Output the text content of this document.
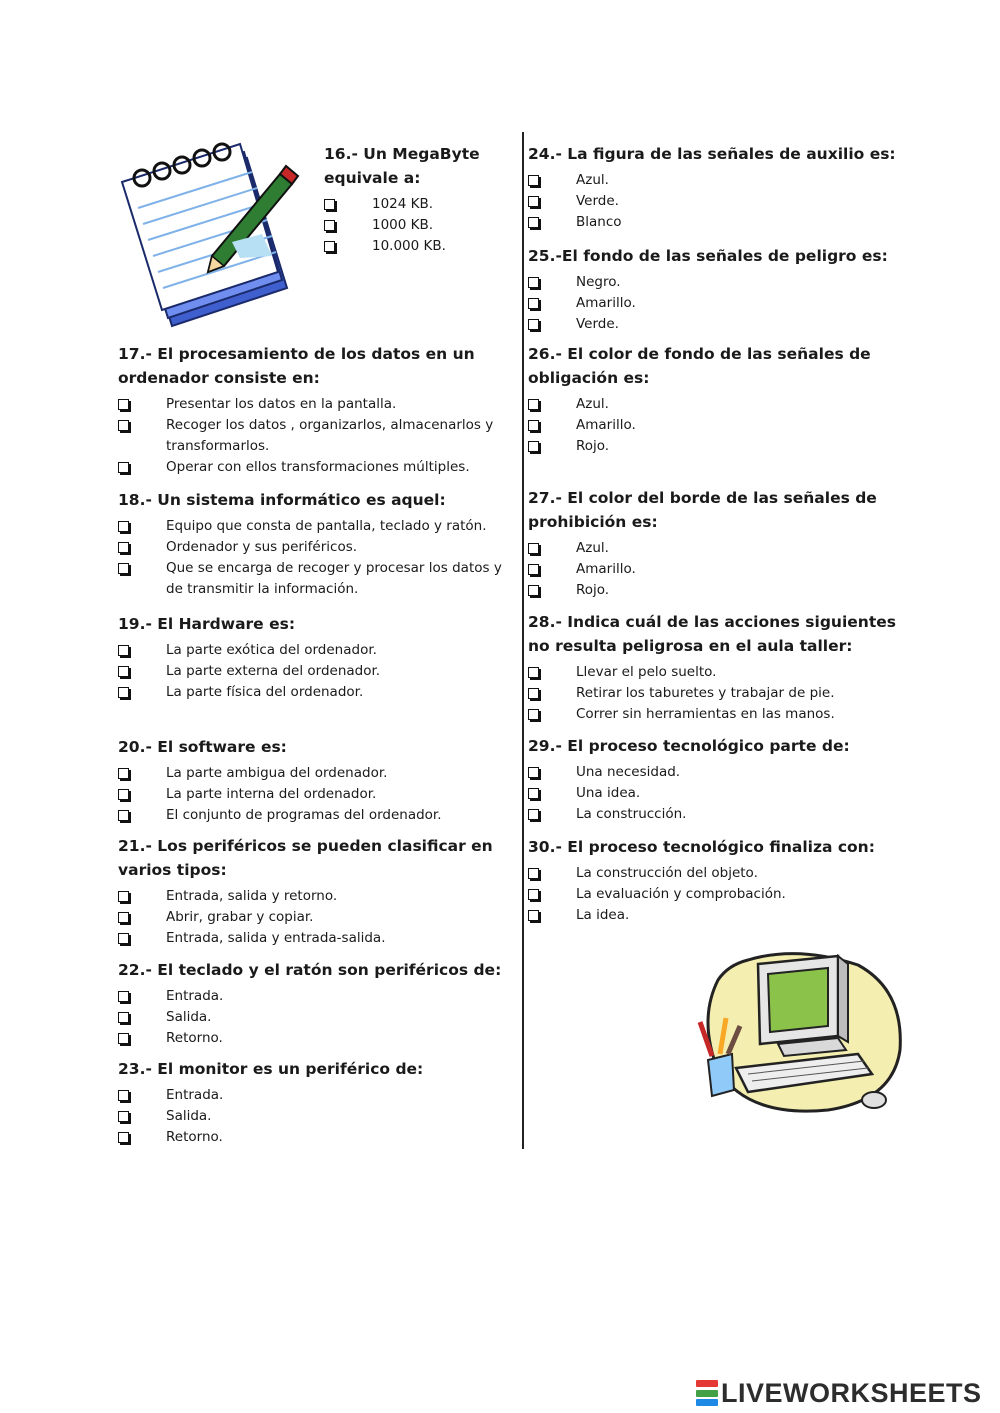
16.- Un MegaByte equivale a:
1024 KB.
1000 KB.
10.000 KB.
17.- El procesamiento de los datos en un ordenador consiste en:
Presentar los datos en la pantalla.
Recoger los datos , organizarlos, almacenarlos y transformarlos.
Operar con ellos transformaciones múltiples.
18.- Un sistema informático es aquel:
Equipo que consta de pantalla, teclado y ratón.
Ordenador y sus periféricos.
Que se encarga de recoger y procesar los datos y de transmitir la información.
19.- El Hardware es:
La parte exótica del ordenador.
La parte externa del ordenador.
La parte física del ordenador.
20.- El software es:
La parte ambigua del ordenador.
La parte interna del ordenador.
El conjunto de programas del ordenador.
21.- Los periféricos se pueden clasificar en varios tipos:
Entrada, salida y retorno.
Abrir, grabar y copiar.
Entrada, salida y entrada-salida.
22.- El teclado y el ratón son periféricos de:
Entrada.
Salida.
Retorno.
23.- El monitor es un periférico de:
Entrada.
Salida.
Retorno.
24.- La figura de las señales de auxilio es:
Azul.
Verde.
Blanco
25.-El fondo de las señales de peligro es:
Negro.
Amarillo.
Verde.
26.- El color de fondo de las señales de obligación es:
Azul.
Amarillo.
Rojo.
27.- El color del borde de las señales de prohibición es:
Azul.
Amarillo.
Rojo.
28.- Indica cuál de las acciones siguientes no resulta peligrosa en el aula taller:
Llevar el pelo suelto.
Retirar los taburetes y trabajar de pie.
Correr sin herramientas en las manos.
29.- El proceso tecnológico parte de:
Una necesidad.
Una idea.
La construcción.
30.- El proceso tecnológico finaliza con:
La construcción del objeto.
La evaluación y comprobación.
La idea.
LIVEWORKSHEETS
